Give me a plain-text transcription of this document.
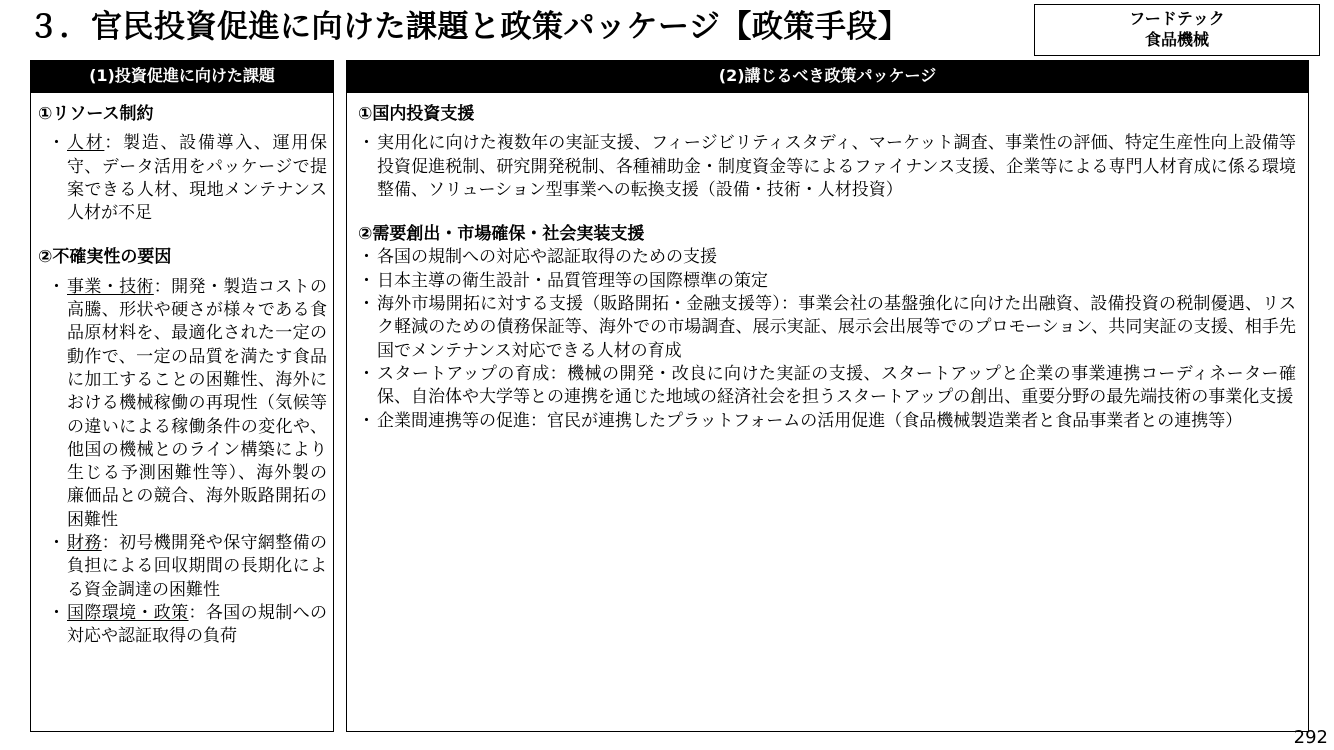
３．官民投資促進に向けた課題と政策パッケージ【政策手段】	フードテック
食品機械
(1)投資促進に向けた課題
①リソース制約
・ 人材：製造、設備導入、運用保守、データ活用をパッケージで提案できる人材、現地メンテナンス人材が不足
②不確実性の要因
・ 事業・技術：開発・製造コストの高騰、形状や硬さが様々である食品原材料を、最適化された一定の動作で、一定の品質を満たす食品に加工することの困難性、海外における機械稼働の再現性（気候等の違いによる稼働条件の変化や、他国の機械とのライン構築により生じる予測困難性等）、海外製の廉価品との競合、海外販路開拓の困難性
・ 財務：初号機開発や保守網整備の負担による回収期間の長期化による資金調達の困難性
・ 国際環境・政策：各国の規制への対応や認証取得の負荷
(2)講じるべき政策パッケージ
①国内投資支援
・ 実用化に向けた複数年の実証支援、フィージビリティスタディ、マーケット調査、事業性の評価、特定生産性向上設備等投資促進税制、研究開発税制、各種補助金・制度資金等によるファイナンス支援、企業等による専門人材育成に係る環境整備、ソリューション型事業への転換支援（設備・技術・人材投資）
②需要創出・市場確保・社会実装支援
・ 各国の規制への対応や認証取得のための支援
・ 日本主導の衛生設計・品質管理等の国際標準の策定
・ 海外市場開拓に対する支援（販路開拓・金融支援等）：事業会社の基盤強化に向けた出融資、設備投資の税制優遇、リスク軽減のための債務保証等、海外での市場調査、展示実証、展示会出展等でのプロモーション、共同実証の支援、相手先国でメンテナンス対応できる人材の育成
・ スタートアップの育成：機械の開発・改良に向けた実証の支援、スタートアップと企業の事業連携コーディネーター確保、自治体や大学等との連携を通じた地域の経済社会を担うスタートアップの創出、重要分野の最先端技術の事業化支援
・ 企業間連携等の促進：官民が連携したプラットフォームの活用促進（食品機械製造業者と食品事業者との連携等）
292
